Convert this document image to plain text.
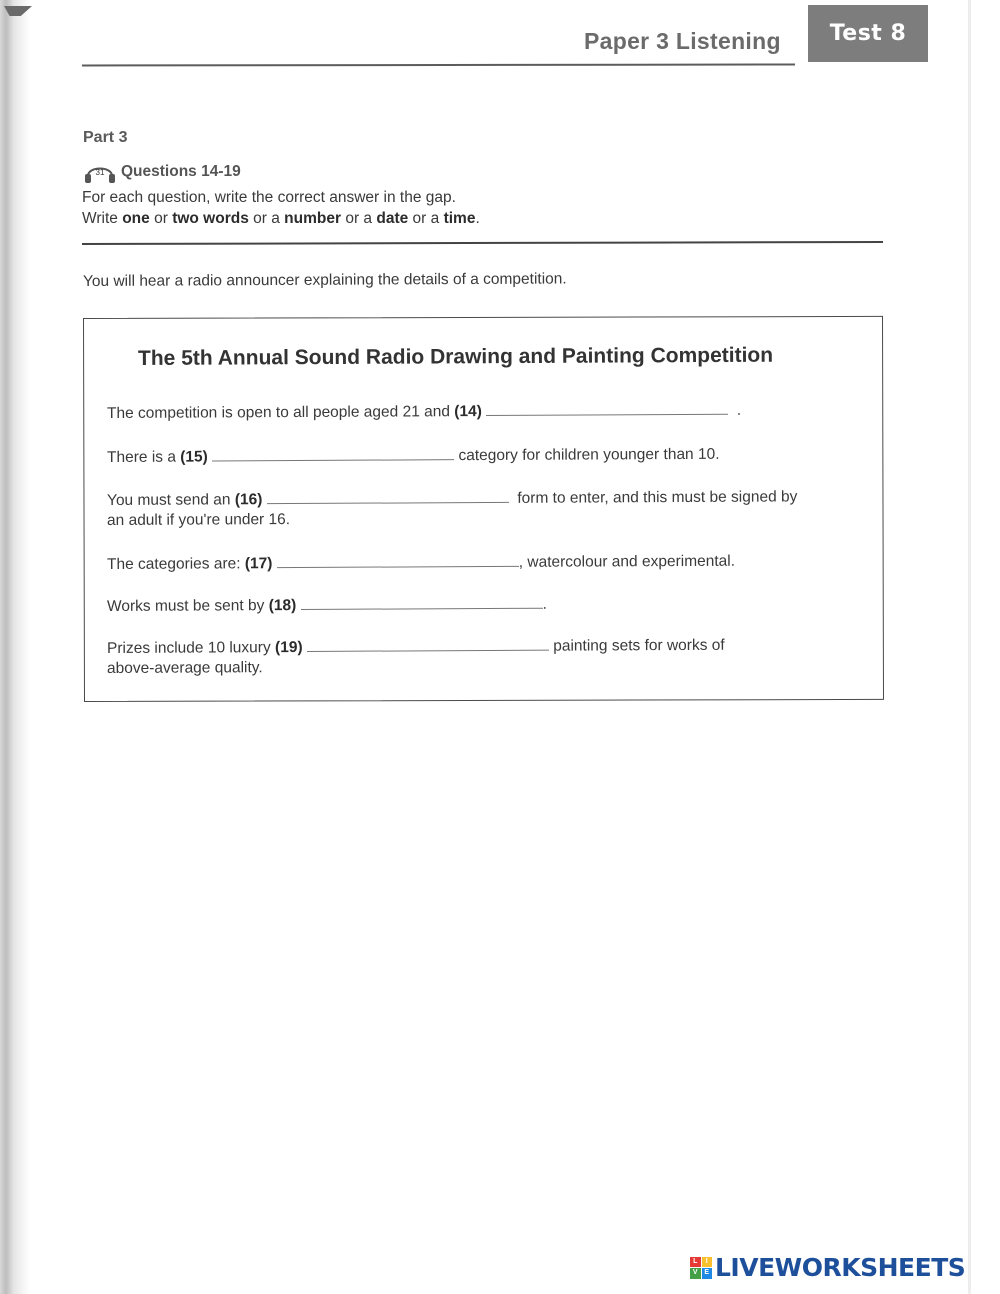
Paper 3 Listening	Test 8
Part 3
31 Questions 14-19
For each question, write the correct answer in the gap.
Write one or two words or a number or a date or a time.
You will hear a radio announcer explaining the details of a competition.
The 5th Annual Sound Radio Drawing and Painting Competition
The competition is open to all people aged 21 and (14)	.
There is a (15)	category for children younger than 10.
You must send an (16)	form to enter, and this must be signed by
an adult if you're under 16.
The categories are: (17)	, watercolour and experimental.
Works must be sent by (18)	.
Prizes include 10 luxury (19)	painting sets for works of
above-average quality.
L	I
V E LIVEWORKSHEETS
